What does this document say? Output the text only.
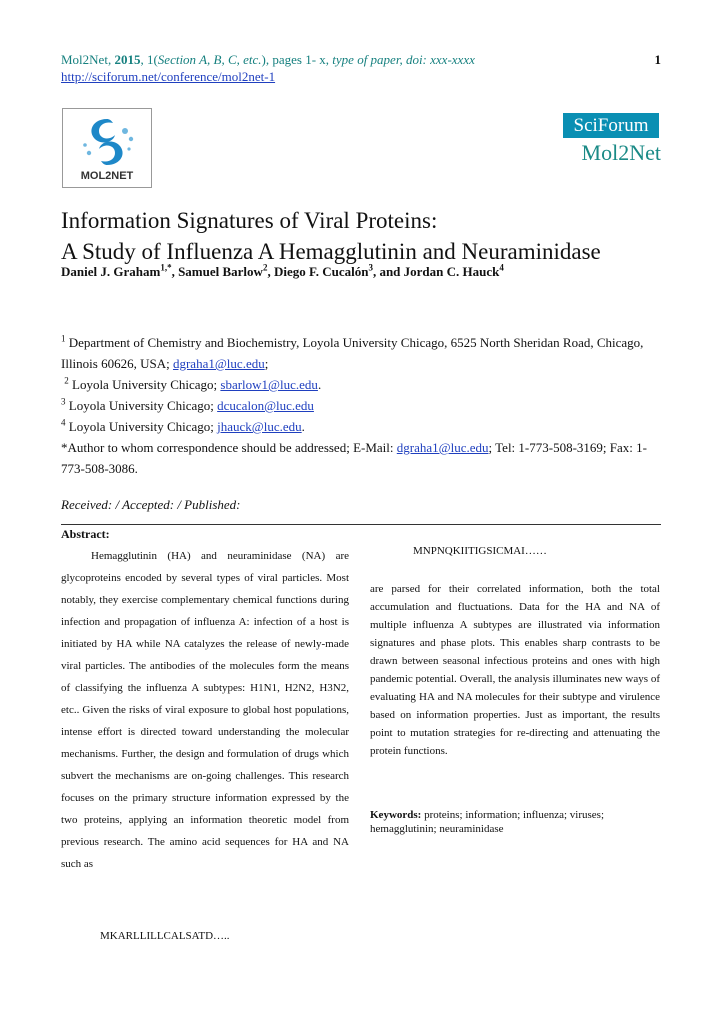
Mol2Net, 2015, 1(Section A, B, C, etc.), pages 1- x, type of paper, doi: xxx-xxxx	1
http://sciforum.net/conference/mol2net-1
MOL2NET
SciForum
Mol2Net
Information Signatures of Viral Proteins:
A Study of Influenza A Hemagglutinin and Neuraminidase
Daniel J. Graham$^{1,*}$, Samuel Barlow$^2$, Diego F. Cucalón$^3$, and Jordan C. Hauck$^4$

$^1$ Department of Chemistry and Biochemistry, Loyola University Chicago, 6525 North Sheridan Road, Chicago, Illinois 60626, USA; dgraha1@luc.edu;

$^2$ Loyola University Chicago; sbarlow1@luc.edu.

$^3$ Loyola University Chicago; dcucalon@luc.edu

$^4$ Loyola University Chicago; jhauck@luc.edu.

*Author to whom correspondence should be addressed; E-Mail: dgraha1@luc.edu; Tel: 1-773-508-3169; Fax: 1-773-508-3086.

Received: / Accepted: / Published:
Abstract:
Hemagglutinin (HA) and neuraminidase (NA) are glycoproteins encoded by several types of viral particles. Most notably, they exercise complementary chemical functions during infection and propagation of influenza A: infection of a host is initiated by HA while NA catalyzes the release of newly-made viral particles. The antibodies of the molecules form the means of classifying the influenza A subtypes: H1N1, H2N2, H3N2, etc.. Given the risks of viral exposure to global host populations, intense effort is directed toward understanding the molecular mechanisms. Further, the design and formulation of drugs which subvert the mechanisms are on-going challenges. This research focuses on the primary structure information expressed by the two proteins, applying an information theoretic model from previous research. The amino acid sequences for HA and NA such as
MKARLLILLCALSATD…..
MNPNQKIITIGSICMAI……
are parsed for their correlated information, both the total accumulation and fluctuations. Data for the HA and NA of multiple influenza A subtypes are illustrated via information signatures and phase plots. This enables sharp contrasts to be drawn between seasonal infectious proteins and ones with high pandemic potential. Overall, the analysis illuminates new ways of evaluating HA and NA molecules for their subtype and virulence based on information properties. Just as important, the results point to mutation strategies for re-directing and attenuating the protein functions.
Keywords: proteins; information; influenza; viruses; hemagglutinin; neuraminidase
